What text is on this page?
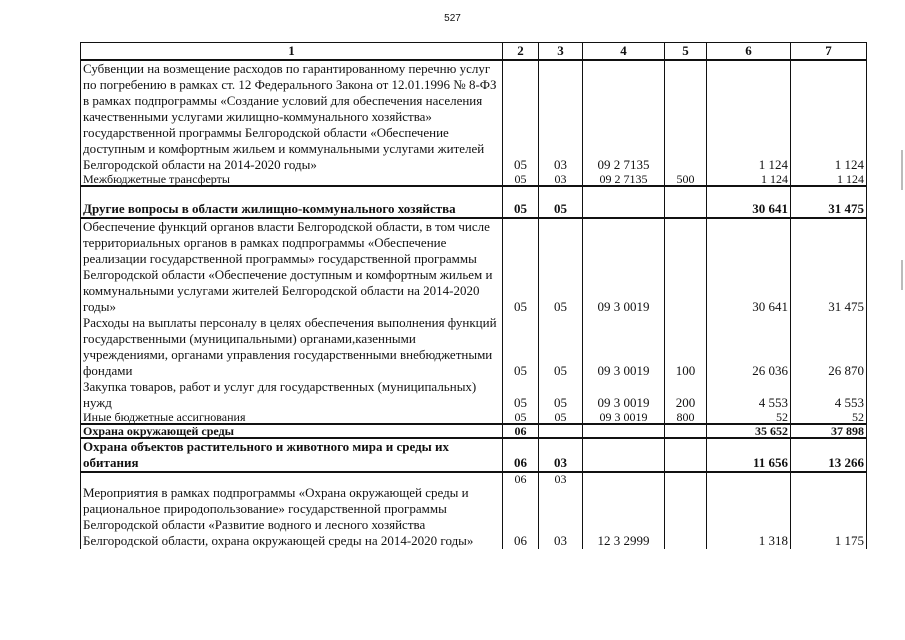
527
1	2	3	4	5	6	7
Субвенции на возмещение расходов по гарантированному перечню услуг по погребению в рамках ст. 12 Федерального Закона от 12.01.1996 № 8-ФЗ в рамках подпрограммы «Создание условий для обеспечения населения качественными услугами жилищно-коммунального хозяйства» государственной программы Белгородской области «Обеспечение доступным и комфортным жильем и коммунальными услугами жителей Белгородской области на 2014-2020 годы»	05	03	09 2 7135		1 124	1 124
Межбюджетные трансферты	05	03	09 2 7135	500	1 124	1 124
Другие вопросы в области жилищно-коммунального хозяйства	05	05			30 641	31 475
Обеспечение функций органов власти Белгородской области, в том числе территориальных органов в рамках подпрограммы «Обеспечение реализации государственной программы» государственной программы Белгородской области «Обеспечение доступным и комфортным жильем и коммунальными услугами жителей Белгородской области на 2014-2020 годы»	05	05	09 3 0019		30 641	31 475
Расходы на выплаты персоналу в целях обеспечения выполнения функций государственными (муниципальными) органами,казенными учреждениями, органами управления государственными внебюджетными фондами	05	05	09 3 0019	100	26 036	26 870
Закупка товаров, работ и услуг для государственных (муниципальных) нужд	05	05	09 3 0019	200	4 553	4 553
Иные бюджетные ассигнования	05	05	09 3 0019	800	52	52
Охрана окружающей среды	06				35 652	37 898
Охрана объектов растительного и животного мира и среды их обитания	06	03			11 656	13 266
	06	03				
Мероприятия в рамках подпрограммы «Охрана окружающей среды и рациональное природопользование» государственной программы Белгородской области «Развитие водного и лесного хозяйства Белгородской области, охрана окружающей среды на 2014-2020 годы»	06	03	12 3 2999		1 318	1 175
